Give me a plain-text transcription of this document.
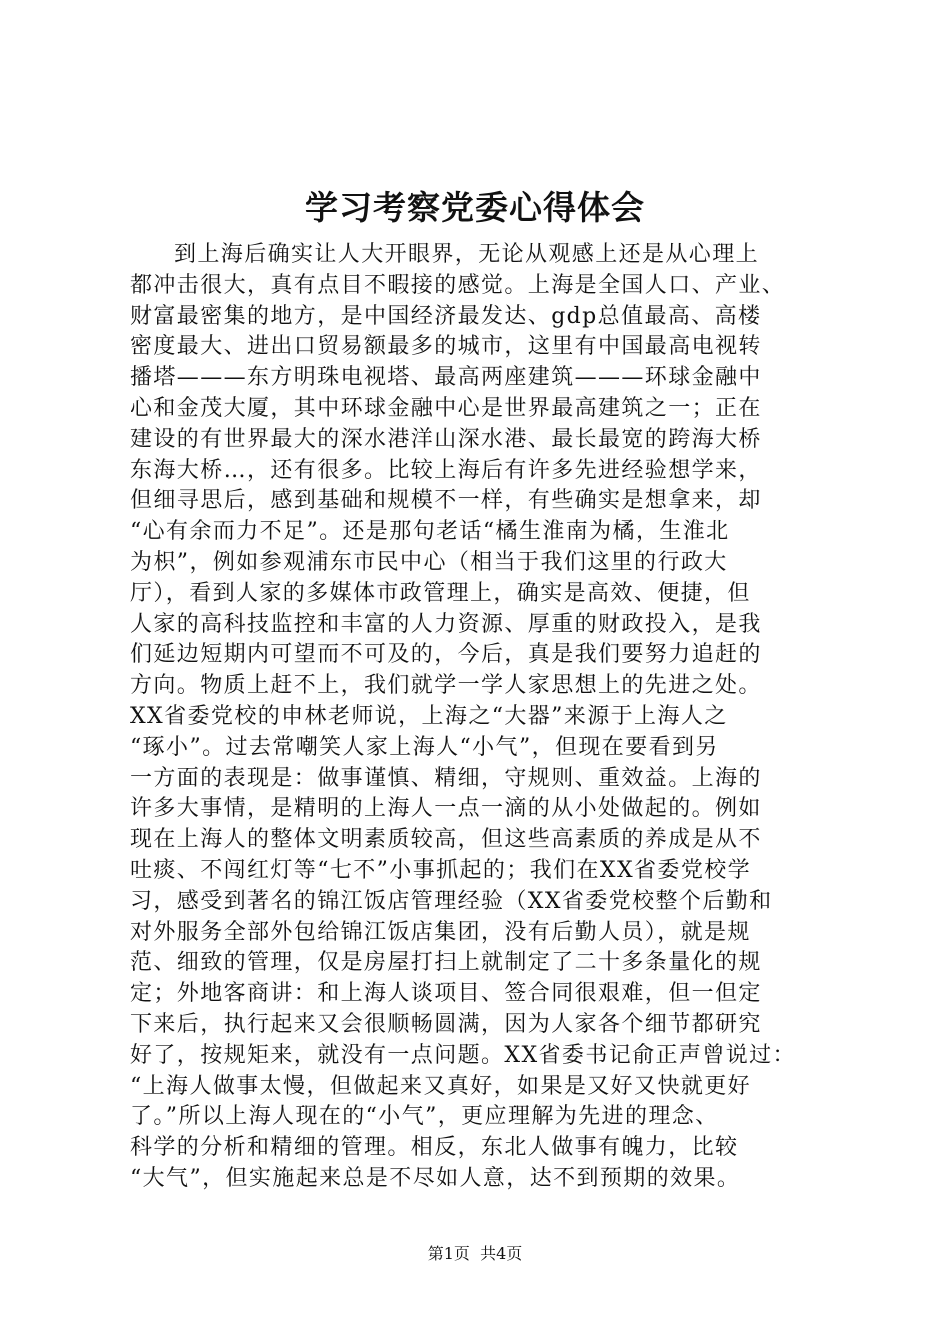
学习考察党委心得体会
到上海后确实让人大开眼界，无论从观感上还是从心理上
都冲击很大，真有点目不暇接的感觉。上海是全国人口、产业、
财富最密集的地方，是中国经济最发达、gdp总值最高、高楼
密度最大、进出口贸易额最多的城市，这里有中国最高电视转
播塔———东方明珠电视塔、最高两座建筑———环球金融中
心和金茂大厦，其中环球金融中心是世界最高建筑之一；正在
建设的有世界最大的深水港洋山深水港、最长最宽的跨海大桥
东海大桥…，还有很多。比较上海后有许多先进经验想学来，
但细寻思后，感到基础和规模不一样，有些确实是想拿来，却
“心有余而力不足”。还是那句老话“橘生淮南为橘，生淮北
为枳”，例如参观浦东市民中心（相当于我们这里的行政大
厅），看到人家的多媒体市政管理上，确实是高效、便捷，但
人家的高科技监控和丰富的人力资源、厚重的财政投入，是我
们延边短期内可望而不可及的，今后，真是我们要努力追赶的
方向。物质上赶不上，我们就学一学人家思想上的先进之处。
XX省委党校的申林老师说，上海之“大器”来源于上海人之
“琢小”。过去常嘲笑人家上海人“小气”，但现在要看到另
一方面的表现是：做事谨慎、精细，守规则、重效益。上海的
许多大事情，是精明的上海人一点一滴的从小处做起的。例如
现在上海人的整体文明素质较高，但这些高素质的养成是从不
吐痰、不闯红灯等“七不”小事抓起的；我们在XX省委党校学
习，感受到著名的锦江饭店管理经验（XX省委党校整个后勤和
对外服务全部外包给锦江饭店集团，没有后勤人员），就是规
范、细致的管理，仅是房屋打扫上就制定了二十多条量化的规
定；外地客商讲：和上海人谈项目、签合同很艰难，但一但定
下来后，执行起来又会很顺畅圆满，因为人家各个细节都研究
好了，按规矩来，就没有一点问题。XX省委书记俞正声曾说过：
“上海人做事太慢，但做起来又真好，如果是又好又快就更好
了。”所以上海人现在的“小气”，更应理解为先进的理念、
科学的分析和精细的管理。相反，东北人做事有魄力，比较
“大气”，但实施起来总是不尽如人意，达不到预期的效果。
第1页  共4页
